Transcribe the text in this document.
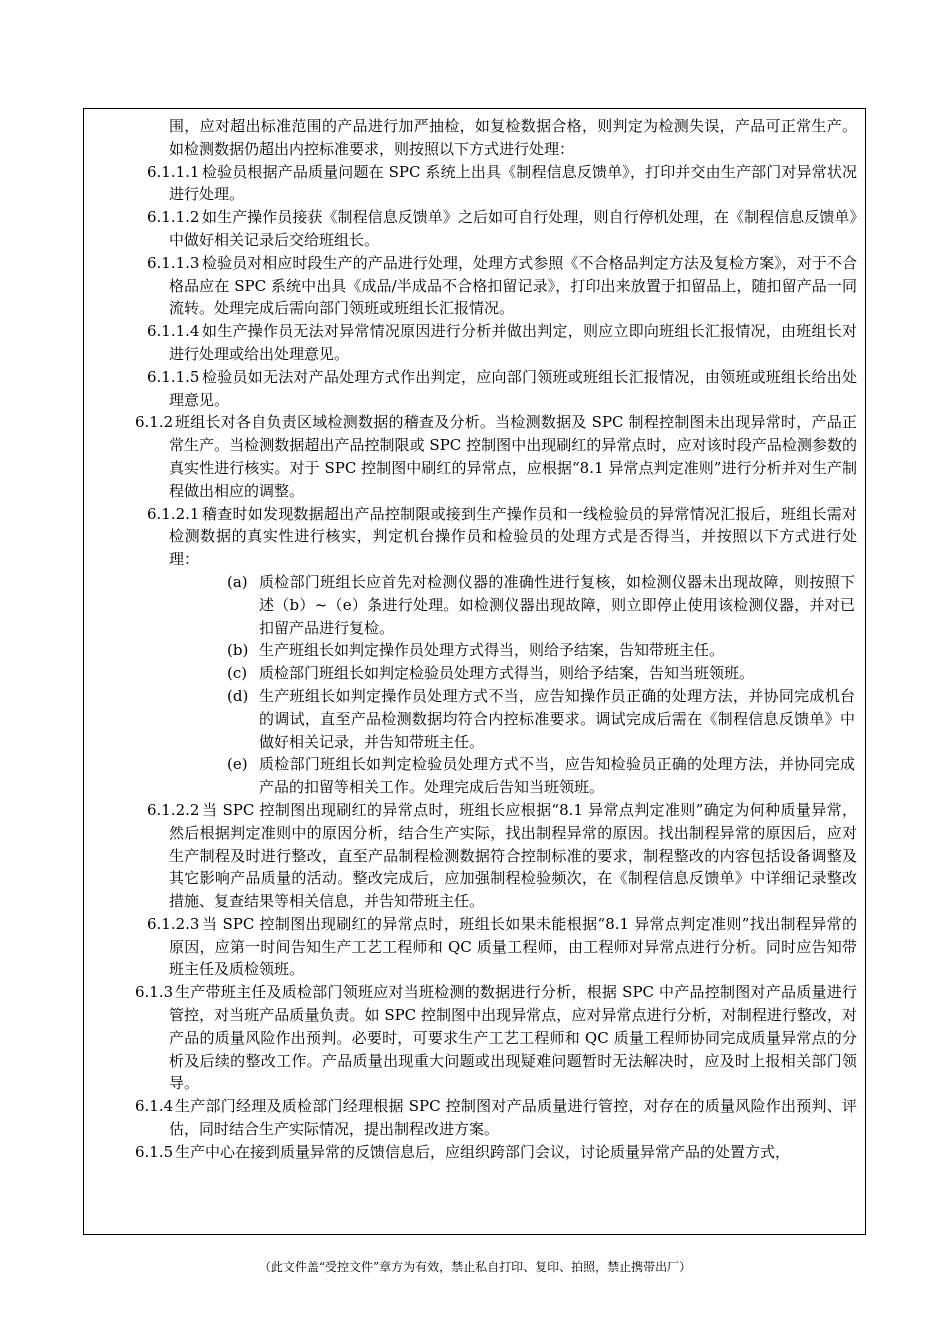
围，应对超出标准范围的产品进行加严抽检，如复检数据合格，则判定为检测失误，产品可正常生产。如检测数据仍超出内控标准要求，则按照以下方式进行处理：
6.1.1.1 检验员根据产品质量问题在 SPC 系统上出具《制程信息反馈单》，打印并交由生产部门对异常状况进行处理。
6.1.1.2 如生产操作员接获《制程信息反馈单》之后如可自行处理，则自行停机处理，在《制程信息反馈单》中做好相关记录后交给班组长。
6.1.1.3 检验员对相应时段生产的产品进行处理，处理方式参照《不合格品判定方法及复检方案》，对于不合格品应在 SPC 系统中出具《成品/半成品不合格扣留记录》，打印出来放置于扣留品上，随扣留产品一同流转。处理完成后需向部门领班或班组长汇报情况。
6.1.1.4 如生产操作员无法对异常情况原因进行分析并做出判定，则应立即向班组长汇报情况，由班组长对进行处理或给出处理意见。
6.1.1.5 检验员如无法对产品处理方式作出判定，应向部门领班或班组长汇报情况，由领班或班组长给出处理意见。
6.1.2 班组长对各自负责区域检测数据的稽查及分析。当检测数据及 SPC 制程控制图未出现异常时，产品正常生产。当检测数据超出产品控制限或 SPC 控制图中出现刷红的异常点时，应对该时段产品检测参数的真实性进行核实。对于 SPC 控制图中刷红的异常点，应根据“8.1 异常点判定准则”进行分析并对生产制程做出相应的调整。
6.1.2.1 稽查时如发现数据超出产品控制限或接到生产操作员和一线检验员的异常情况汇报后，班组长需对检测数据的真实性进行核实，判定机台操作员和检验员的处理方式是否得当，并按照以下方式进行处理：
(a) 质检部门班组长应首先对检测仪器的准确性进行复核，如检测仪器未出现故障，则按照下述（b）~（e）条进行处理。如检测仪器出现故障，则立即停止使用该检测仪器，并对已扣留产品进行复检。
(b) 生产班组长如判定操作员处理方式得当，则给予结案，告知带班主任。
(c) 质检部门班组长如判定检验员处理方式得当，则给予结案，告知当班领班。
(d) 生产班组长如判定操作员处理方式不当，应告知操作员正确的处理方法，并协同完成机台的调试，直至产品检测数据均符合内控标准要求。调试完成后需在《制程信息反馈单》中做好相关记录，并告知带班主任。
(e) 质检部门班组长如判定检验员处理方式不当，应告知检验员正确的处理方法，并协同完成产品的扣留等相关工作。处理完成后告知当班领班。
6.1.2.2 当 SPC 控制图出现刷红的异常点时，班组长应根据“8.1 异常点判定准则”确定为何种质量异常，然后根据判定准则中的原因分析，结合生产实际，找出制程异常的原因。找出制程异常的原因后，应对生产制程及时进行整改，直至产品制程检测数据符合控制标准的要求，制程整改的内容包括设备调整及其它影响产品质量的活动。整改完成后，应加强制程检验频次，在《制程信息反馈单》中详细记录整改措施、复查结果等相关信息，并告知带班主任。
6.1.2.3 当 SPC 控制图出现刷红的异常点时，班组长如果未能根据“8.1 异常点判定准则”找出制程异常的原因，应第一时间告知生产工艺工程师和 QC 质量工程师，由工程师对异常点进行分析。同时应告知带班主任及质检领班。
6.1.3 生产带班主任及质检部门领班应对当班检测的数据进行分析，根据 SPC 中产品控制图对产品质量进行管控，对当班产品质量负责。如 SPC 控制图中出现异常点，应对异常点进行分析，对制程进行整改，对产品的质量风险作出预判。必要时，可要求生产工艺工程师和 QC 质量工程师协同完成质量异常点的分析及后续的整改工作。产品质量出现重大问题或出现疑难问题暂时无法解决时，应及时上报相关部门领导。
6.1.4 生产部门经理及质检部门经理根据 SPC 控制图对产品质量进行管控，对存在的质量风险作出预判、评估，同时结合生产实际情况，提出制程改进方案。
6.1.5 生产中心在接到质量异常的反馈信息后，应组织跨部门会议，讨论质量异常产品的处置方式，
（此文件盖“受控文件”章方为有效，禁止私自打印、复印、拍照，禁止携带出厂）
